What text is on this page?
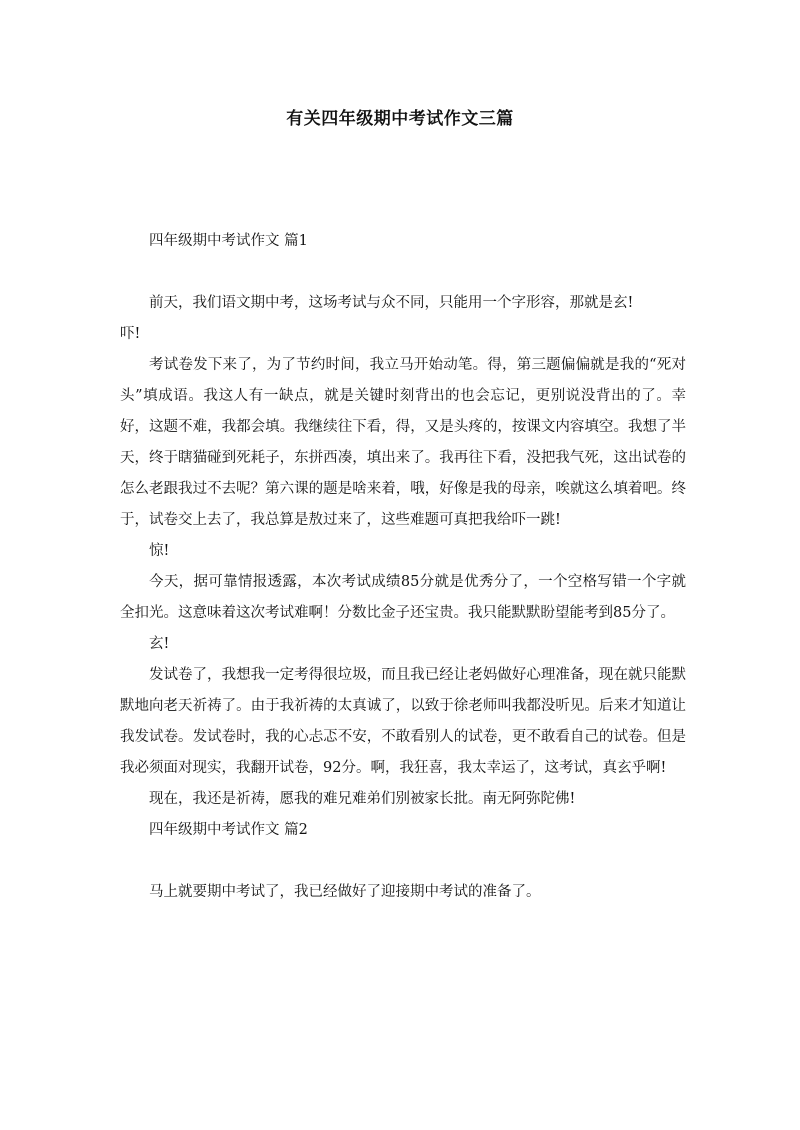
有关四年级期中考试作文三篇

四年级期中考试作文 篇1

前天，我们语文期中考，这场考试与众不同，只能用一个字形容，那就是玄!

吓!

考试卷发下来了，为了节约时间，我立马开始动笔。得，第三题偏偏就是我的“死对头”填成语。我这人有一缺点，就是关键时刻背出的也会忘记，更别说没背出的了。幸好，这题不难，我都会填。我继续往下看，得，又是头疼的，按课文内容填空。我想了半天，终于瞎猫碰到死耗子，东拼西凑，填出来了。我再往下看，没把我气死，这出试卷的怎么老跟我过不去呢？第六课的题是啥来着，哦，好像是我的母亲，唉就这么填着吧。终于，试卷交上去了，我总算是敖过来了，这些难题可真把我给吓一跳!

惊!

今天，据可靠情报透露，本次考试成绩85分就是优秀分了，一个空格写错一个字就全扣光。这意味着这次考试难啊！分数比金子还宝贵。我只能默默盼望能考到85分了。

玄!

发试卷了，我想我一定考得很垃圾，而且我已经让老妈做好心理准备，现在就只能默默地向老天祈祷了。由于我祈祷的太真诚了，以致于徐老师叫我都没听见。后来才知道让我发试卷。发试卷时，我的心忐忑不安，不敢看别人的试卷，更不敢看自己的试卷。但是我必须面对现实，我翻开试卷，92分。啊，我狂喜，我太幸运了，这考试，真玄乎啊!

现在，我还是祈祷，愿我的难兄难弟们别被家长批。南无阿弥陀佛!

四年级期中考试作文 篇2

马上就要期中考试了，我已经做好了迎接期中考试的准备了。
